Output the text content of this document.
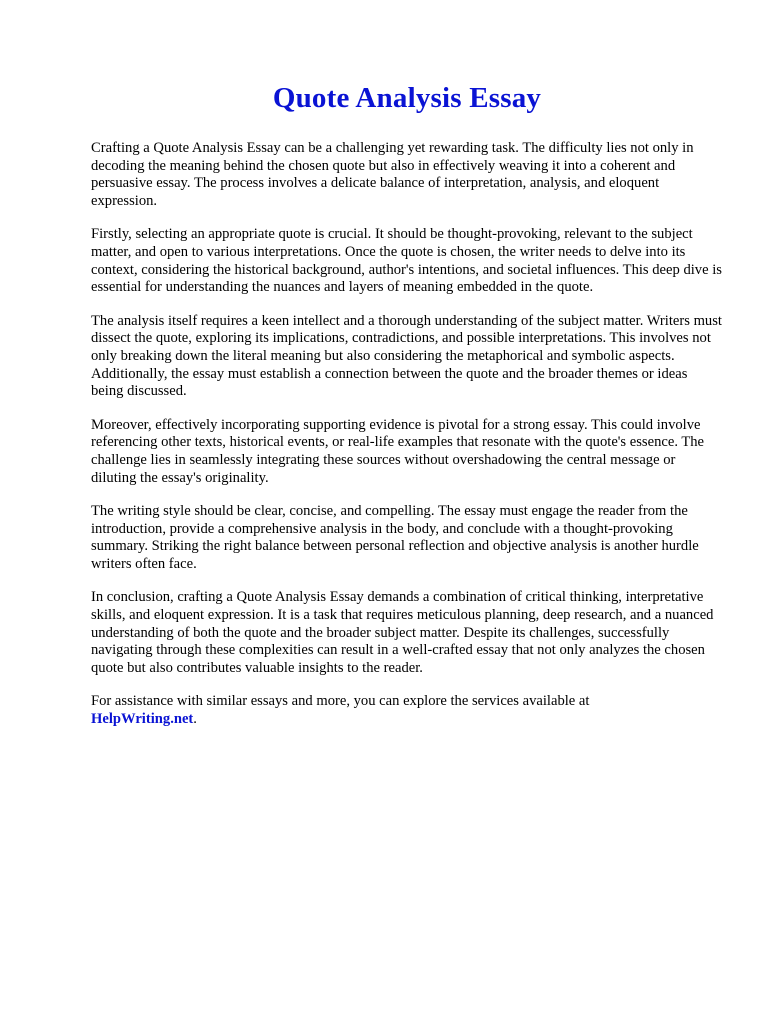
Quote Analysis Essay

Crafting a Quote Analysis Essay can be a challenging yet rewarding task. The difficulty lies not only in decoding the meaning behind the chosen quote but also in effectively weaving it into a coherent and persuasive essay. The process involves a delicate balance of interpretation, analysis, and eloquent expression.

Firstly, selecting an appropriate quote is crucial. It should be thought-provoking, relevant to the subject matter, and open to various interpretations. Once the quote is chosen, the writer needs to delve into its context, considering the historical background, author's intentions, and societal influences. This deep dive is essential for understanding the nuances and layers of meaning embedded in the quote.

The analysis itself requires a keen intellect and a thorough understanding of the subject matter. Writers must dissect the quote, exploring its implications, contradictions, and possible interpretations. This involves not only breaking down the literal meaning but also considering the metaphorical and symbolic aspects. Additionally, the essay must establish a connection between the quote and the broader themes or ideas being discussed.

Moreover, effectively incorporating supporting evidence is pivotal for a strong essay. This could involve referencing other texts, historical events, or real-life examples that resonate with the quote's essence. The challenge lies in seamlessly integrating these sources without overshadowing the central message or diluting the essay's originality.

The writing style should be clear, concise, and compelling. The essay must engage the reader from the introduction, provide a comprehensive analysis in the body, and conclude with a thought-provoking summary. Striking the right balance between personal reflection and objective analysis is another hurdle writers often face.

In conclusion, crafting a Quote Analysis Essay demands a combination of critical thinking, interpretative skills, and eloquent expression. It is a task that requires meticulous planning, deep research, and a nuanced understanding of both the quote and the broader subject matter. Despite its challenges, successfully navigating through these complexities can result in a well-crafted essay that not only analyzes the chosen quote but also contributes valuable insights to the reader.

For assistance with similar essays and more, you can explore the services available at
HelpWriting.net.
